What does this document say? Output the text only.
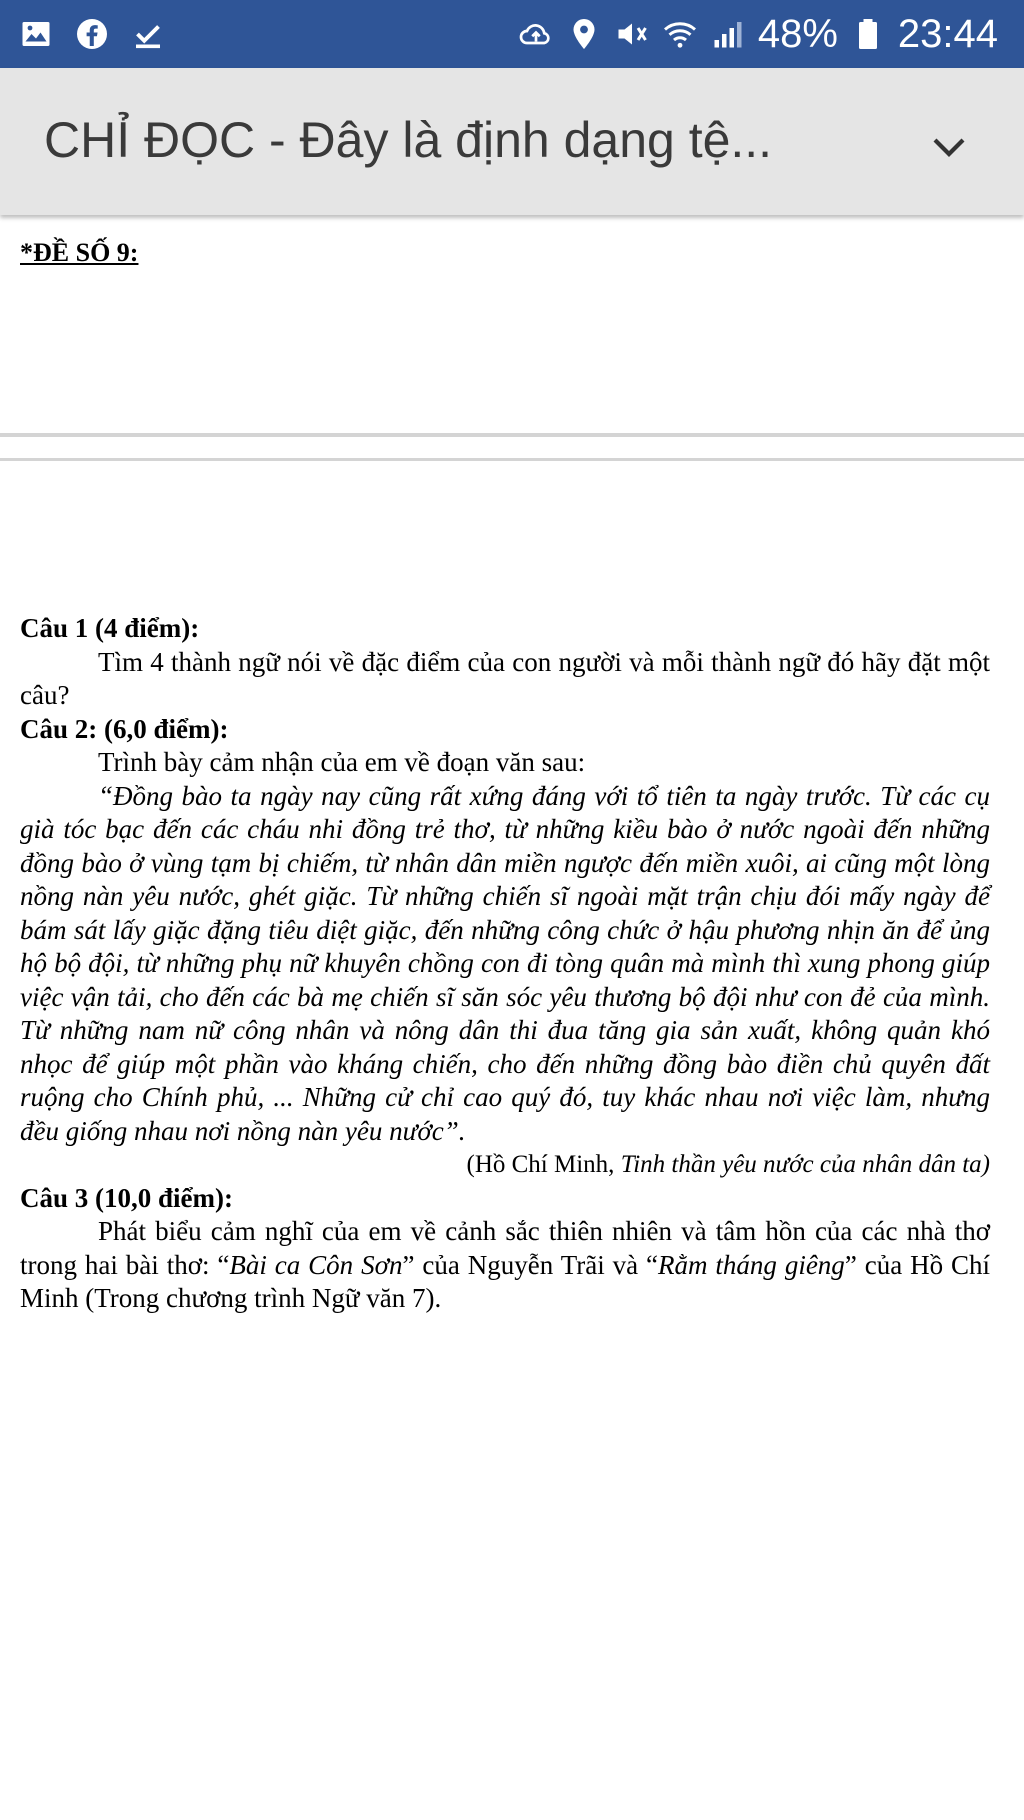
48% 23:44
CHỈ ĐỌC - Đây là định dạng tệ...
*ĐỀ SỐ 9:

Câu 1 (4 điểm):

Tìm 4 thành ngữ nói về đặc điểm của con người và mỗi thành ngữ đó hãy đặt một câu?

Câu 2: (6,0 điểm):

Trình bày cảm nhận của em về đoạn văn sau:

“Đồng bào ta ngày nay cũng rất xứng đáng với tổ tiên ta ngày trước. Từ các cụ già tóc bạc đến các cháu nhi đồng trẻ thơ, từ những kiều bào ở nước ngoài đến những đồng bào ở vùng tạm bị chiếm, từ nhân dân miền ngược đến miền xuôi, ai cũng một lòng nồng nàn yêu nước, ghét giặc. Từ những chiến sĩ ngoài mặt trận chịu đói mấy ngày để bám sát lấy giặc đặng tiêu diệt giặc, đến những công chức ở hậu phương nhịn ăn để ủng hộ bộ đội, từ những phụ nữ khuyên chồng con đi tòng quân mà mình thì xung phong giúp việc vận tải, cho đến các bà mẹ chiến sĩ săn sóc yêu thương bộ đội như con đẻ của mình. Từ những nam nữ công nhân và nông dân thi đua tăng gia sản xuất, không quản khó nhọc để giúp một phần vào kháng chiến, cho đến những đồng bào điền chủ quyên đất ruộng cho Chính phủ, ... Những cử chỉ cao quý đó, tuy khác nhau nơi việc làm, nhưng đều giống nhau nơi nồng nàn yêu nước”.

(Hồ Chí Minh, Tinh thần yêu nước của nhân dân ta)

Câu 3 (10,0 điểm):

Phát biểu cảm nghĩ của em về cảnh sắc thiên nhiên và tâm hồn của các nhà thơ trong hai bài thơ: “Bài ca Côn Sơn” của Nguyễn Trãi và “Rằm tháng giêng” của Hồ Chí Minh (Trong chương trình Ngữ văn 7).
